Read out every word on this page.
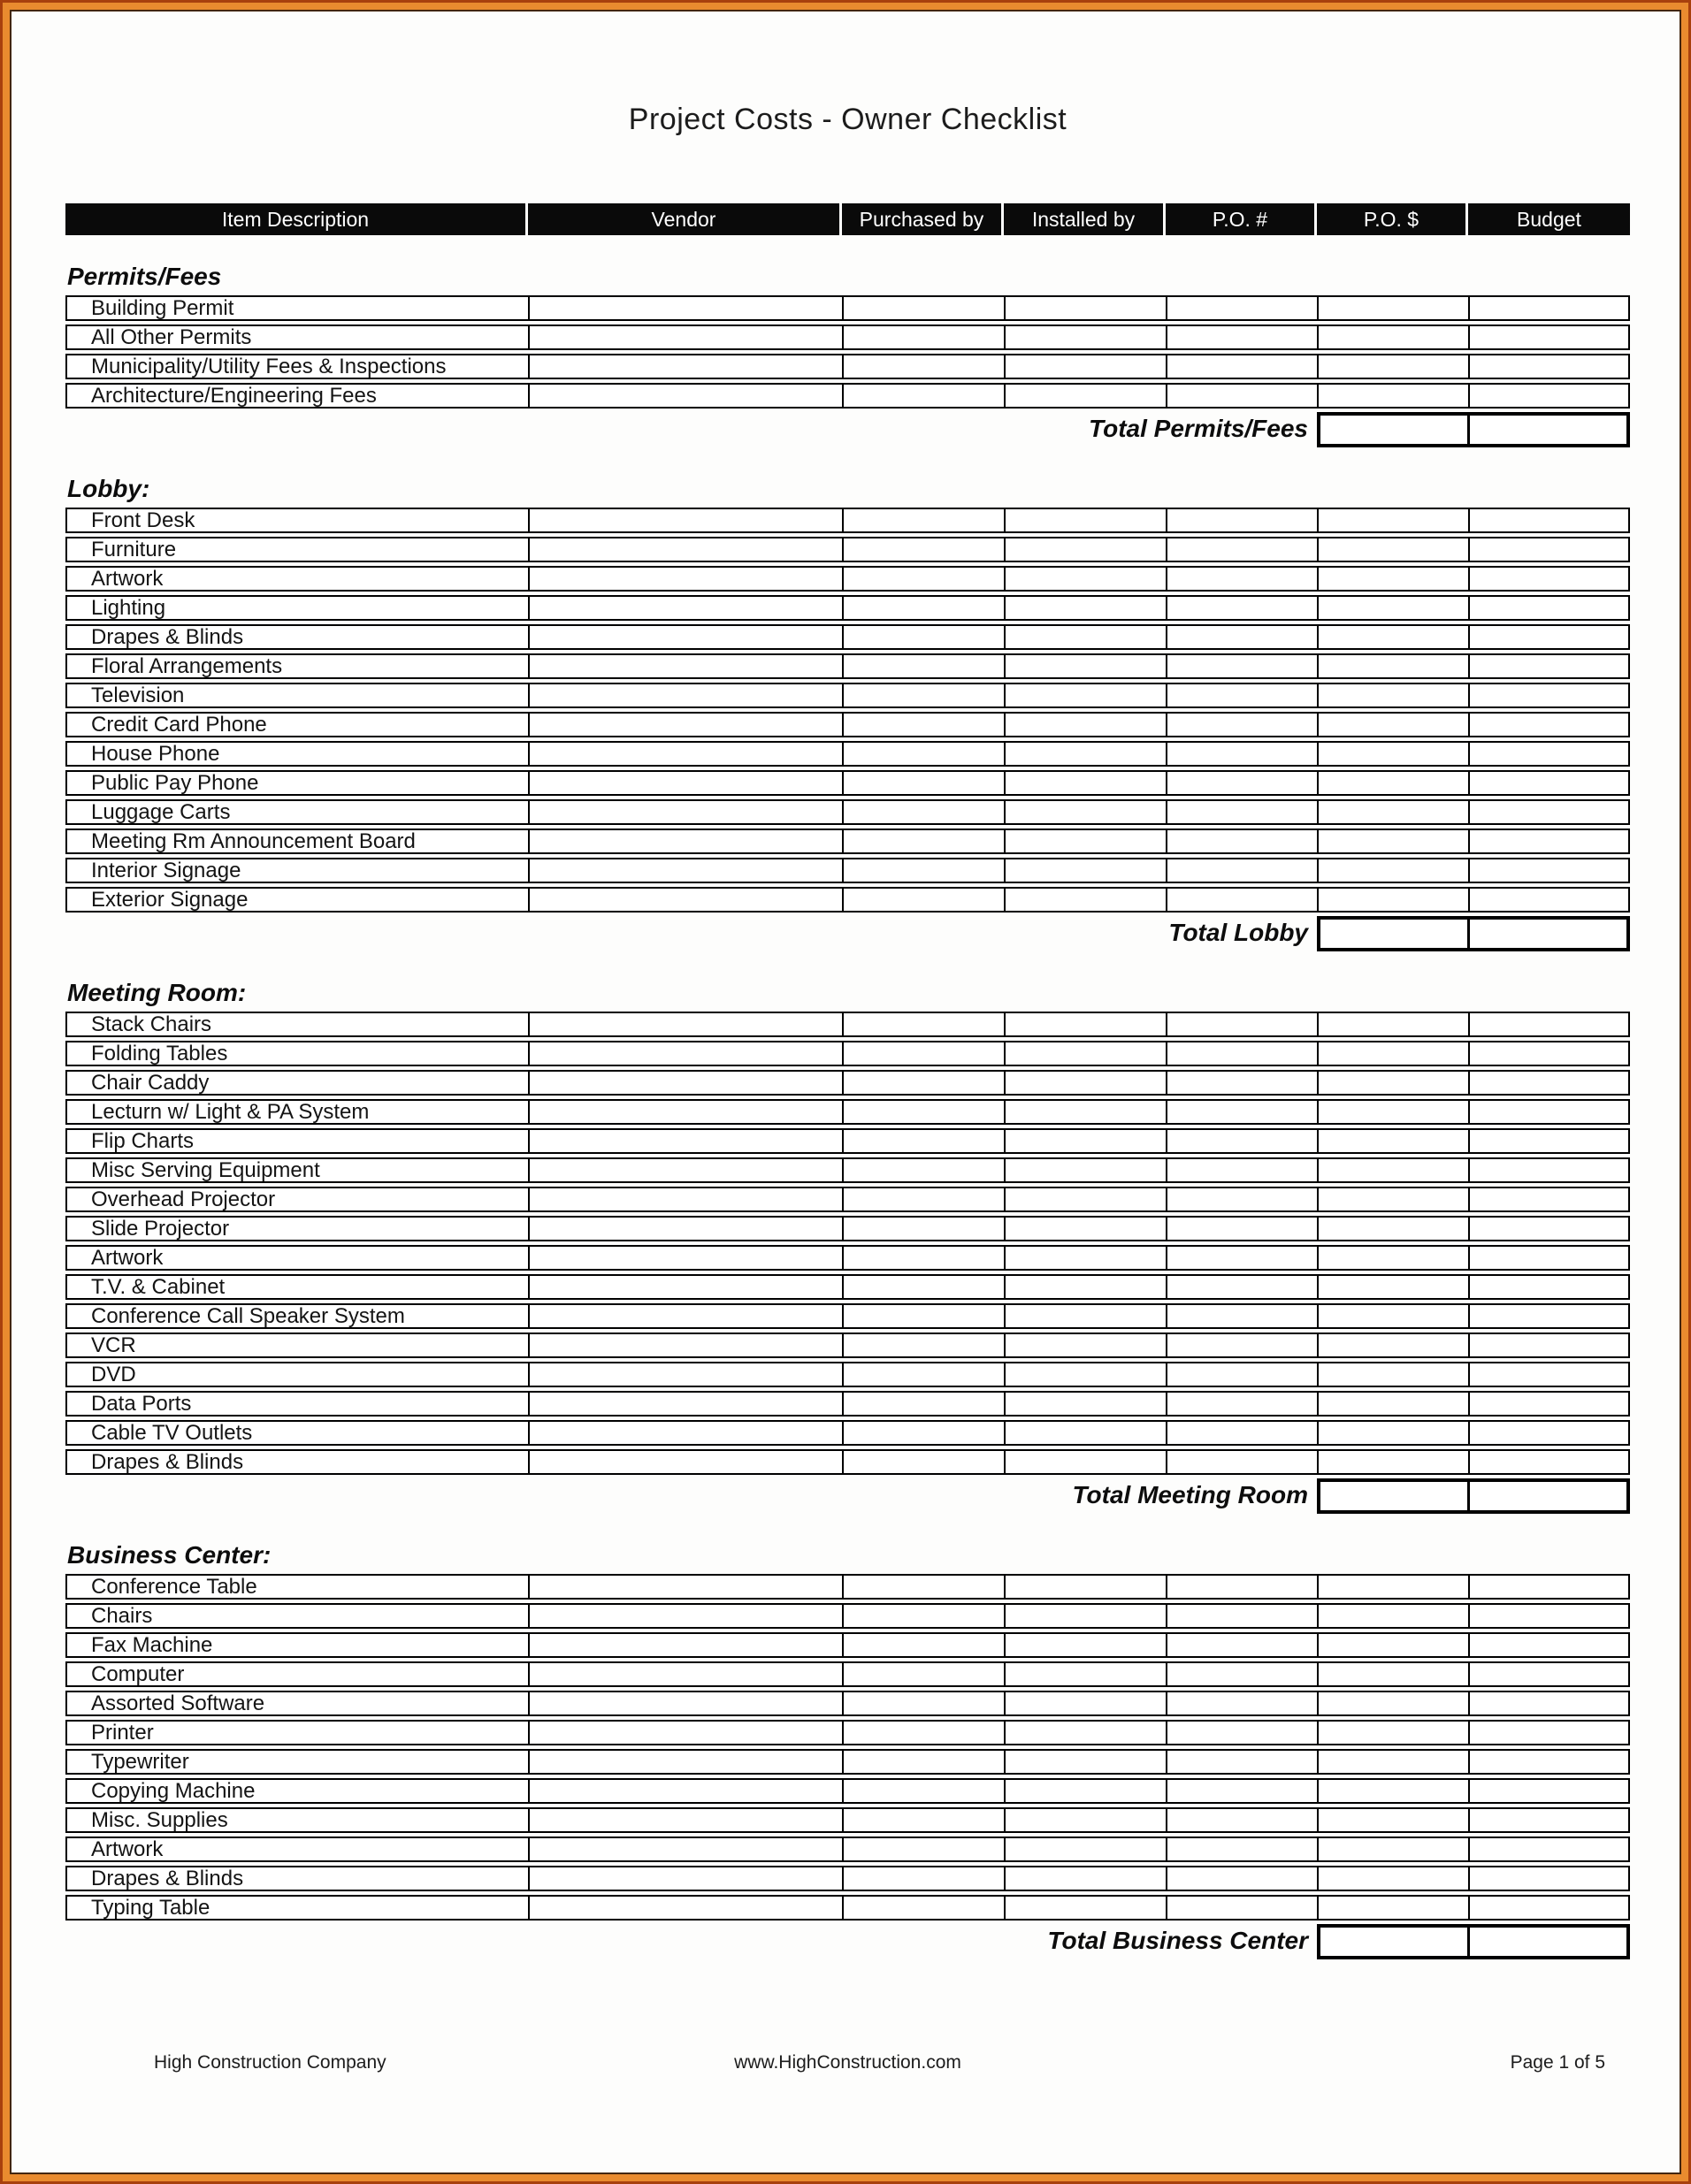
Project Costs - Owner Checklist
Item Description	Vendor	Purchased by	Installed by	P.O. #	P.O. $	Budget
Permits/Fees
Building Permit
All Other Permits
Municipality/Utility Fees & Inspections
Architecture/Engineering Fees
Total Permits/Fees
Lobby:
Front Desk
Furniture
Artwork
Lighting
Drapes & Blinds
Floral Arrangements
Television
Credit Card Phone
House Phone
Public Pay Phone
Luggage Carts
Meeting Rm Announcement Board
Interior Signage
Exterior Signage
Total Lobby
Meeting Room:
Stack Chairs
Folding Tables
Chair Caddy
Lecturn w/ Light & PA System
Flip Charts
Misc Serving Equipment
Overhead Projector
Slide Projector
Artwork
T.V. & Cabinet
Conference Call Speaker System
VCR
DVD
Data Ports
Cable TV Outlets
Drapes & Blinds
Total Meeting Room
Business Center:
Conference Table
Chairs
Fax Machine
Computer
Assorted Software
Printer
Typewriter
Copying Machine
Misc. Supplies
Artwork
Drapes & Blinds
Typing Table
Total Business Center
High Construction Company	www.HighConstruction.com	Page 1 of 5
